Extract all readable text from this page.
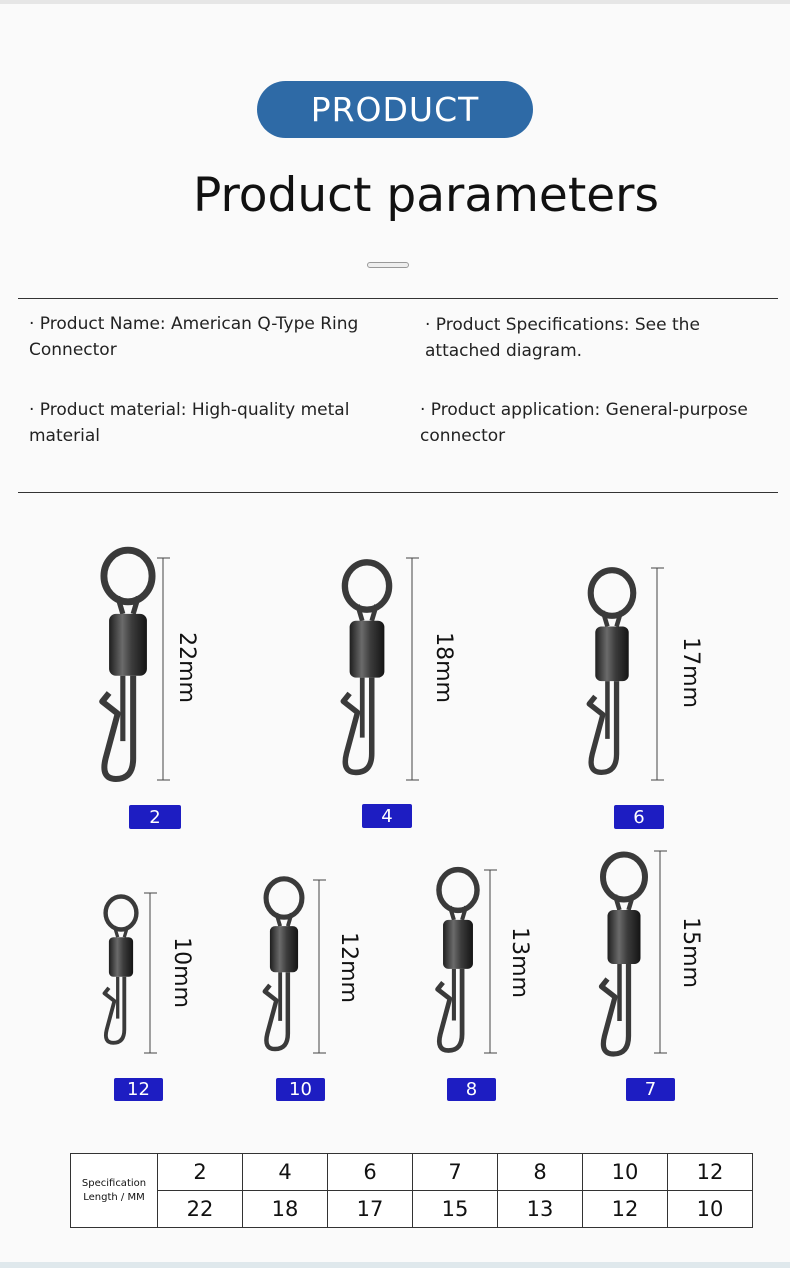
PRODUCT
Product parameters
· Product Name: American Q-Type Ring
Connector
· Product Specifications: See the
attached diagram.
· Product material: High-quality metal
material
· Product application: General-purpose
connector
22mm	18mm	17mm
10mm	12mm	13mm	15mm
2	4	6
12	10	8	7
Specification
Length / MM	2	4	6	7	8	10	12
	22	18	17	15	13	12	10
